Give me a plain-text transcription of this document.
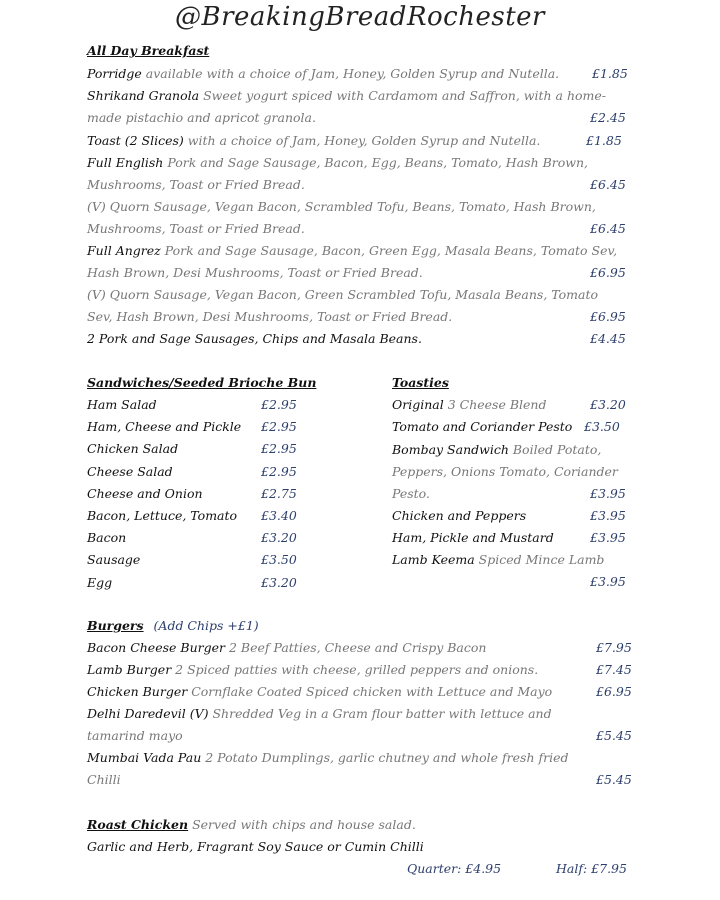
@BreakingBreadRochester
All Day Breakfast
Porridge available with a choice of Jam, Honey, Golden Syrup and Nutella.	£1.85
Shrikand Granola Sweet yogurt spiced with Cardamom and Saffron, with a home-
made pistachio and apricot granola.	£2.45
Toast (2 Slices) with a choice of Jam, Honey, Golden Syrup and Nutella.	£1.85
Full English Pork and Sage Sausage, Bacon, Egg, Beans, Tomato, Hash Brown,
Mushrooms, Toast or Fried Bread.	£6.45
(V) Quorn Sausage, Vegan Bacon, Scrambled Tofu, Beans, Tomato, Hash Brown,
Mushrooms, Toast or Fried Bread.	£6.45
Full Angrez Pork and Sage Sausage, Bacon, Green Egg, Masala Beans, Tomato Sev,
Hash Brown, Desi Mushrooms, Toast or Fried Bread.	£6.95
(V) Quorn Sausage, Vegan Bacon, Green Scrambled Tofu, Masala Beans, Tomato
Sev, Hash Brown, Desi Mushrooms, Toast or Fried Bread.	£6.95
2 Pork and Sage Sausages, Chips and Masala Beans.	£4.45
Sandwiches/Seeded Brioche Bun
Ham Salad	£2.95
Ham, Cheese and Pickle £2.95
Chicken Salad	£2.95
Cheese Salad	£2.95
Cheese and Onion	£2.75
Bacon, Lettuce, Tomato £3.40
Bacon	£3.20
Sausage	£3.50
Egg	£3.20
Toasties
Original 3 Cheese Blend	£3.20
Tomato and Coriander Pesto £3.50
Bombay Sandwich Boiled Potato,
Peppers, Onions Tomato, Coriander
Pesto.	£3.95
Chicken and Peppers	£3.95
Ham, Pickle and Mustard	£3.95
Lamb Keema Spiced Mince Lamb
£3.95
Burgers (Add Chips +£1)
Bacon Cheese Burger 2 Beef Patties, Cheese and Crispy Bacon	£7.95
Lamb Burger 2 Spiced patties with cheese, grilled peppers and onions.	£7.45
Chicken Burger Cornflake Coated Spiced chicken with Lettuce and Mayo	£6.95
Delhi Daredevil (V) Shredded Veg in a Gram flour batter with lettuce and
tamarind mayo	£5.45
Mumbai Vada Pau 2 Potato Dumplings, garlic chutney and whole fresh fried
Chilli	£5.45
Roast Chicken Served with chips and house salad.
Garlic and Herb, Fragrant Soy Sauce or Cumin Chilli
Quarter: £4.95	Half: £7.95
